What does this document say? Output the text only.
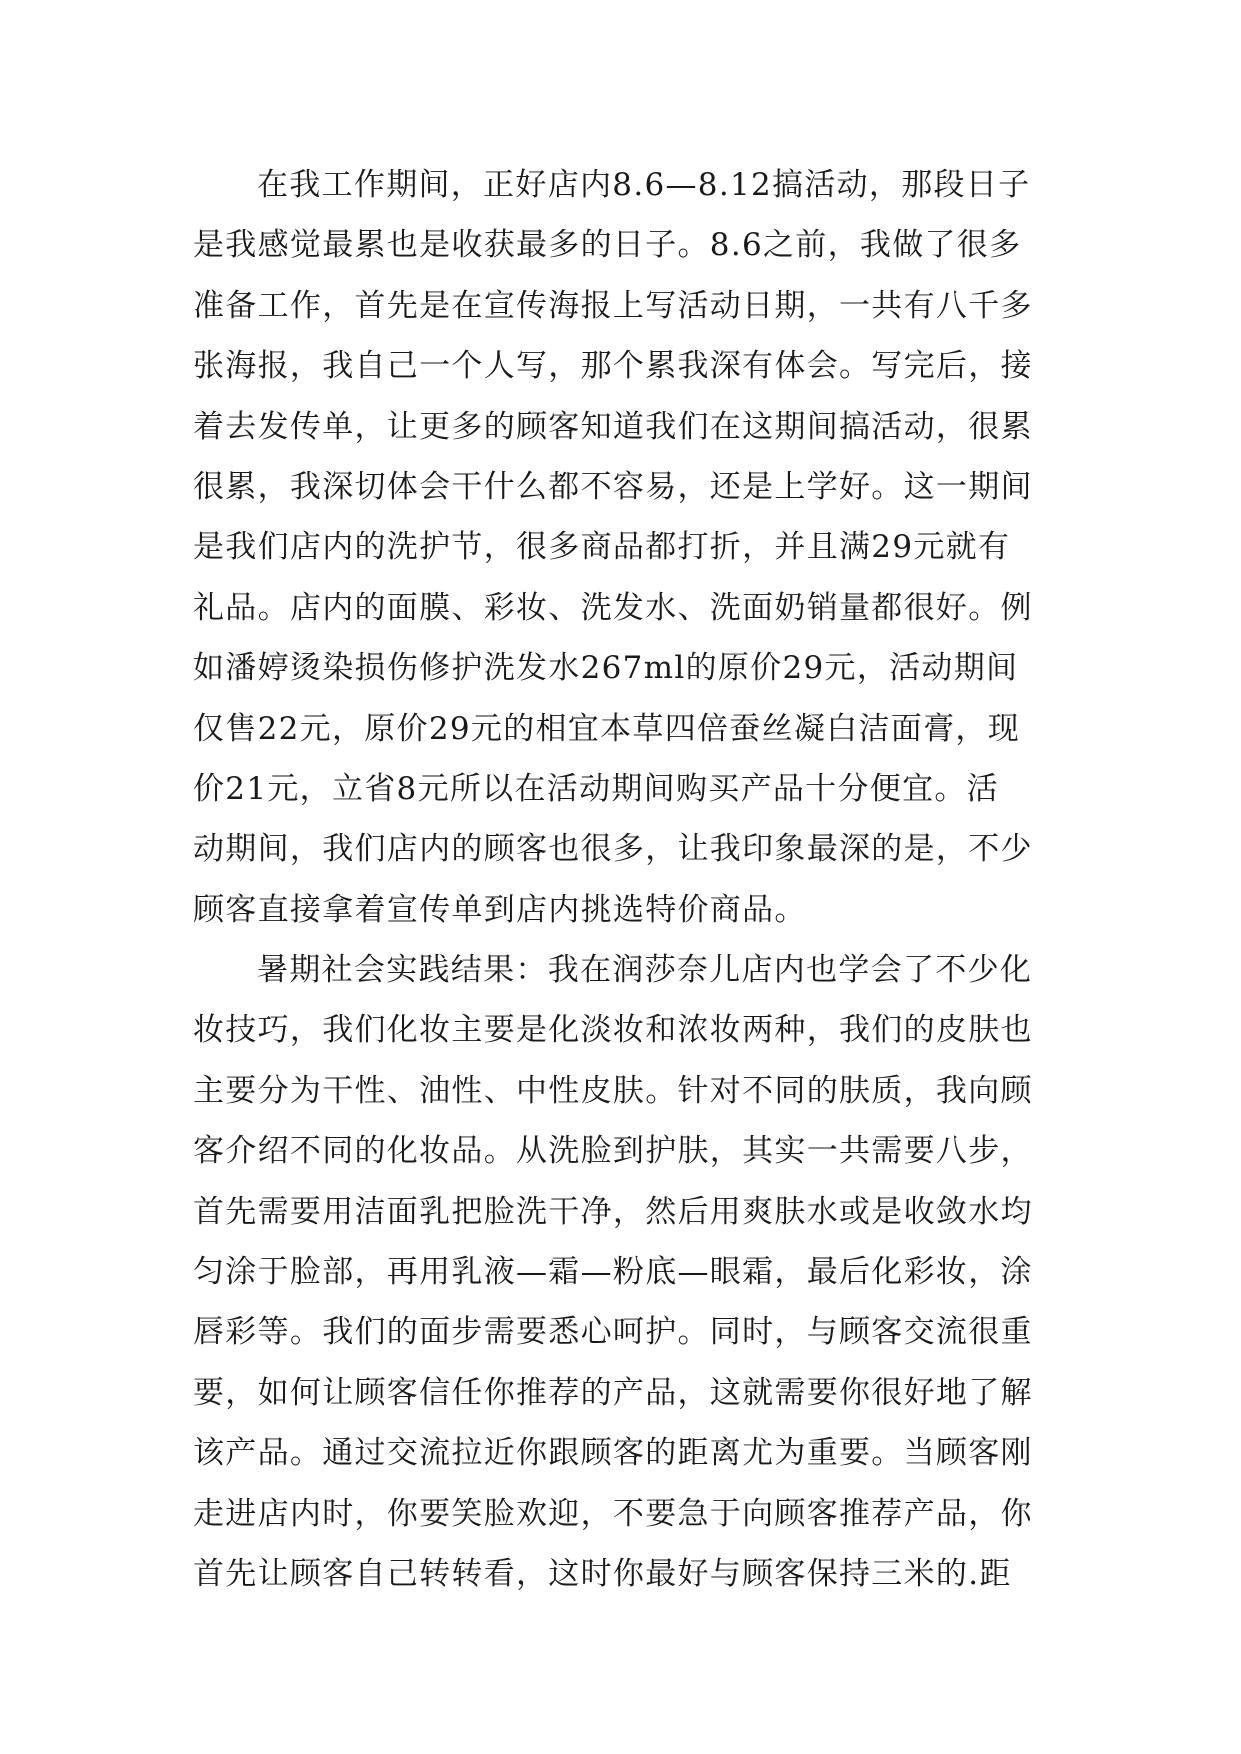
在我工作期间，正好店内8.6—8.12搞活动，那段日子
是我感觉最累也是收获最多的日子。8.6之前，我做了很多
准备工作，首先是在宣传海报上写活动日期，一共有八千多
张海报，我自己一个人写，那个累我深有体会。写完后，接
着去发传单，让更多的顾客知道我们在这期间搞活动，很累
很累，我深切体会干什么都不容易，还是上学好。这一期间
是我们店内的洗护节，很多商品都打折，并且满29元就有
礼品。店内的面膜、彩妆、洗发水、洗面奶销量都很好。例
如潘婷烫染损伤修护洗发水267ml的原价29元，活动期间
仅售22元，原价29元的相宜本草四倍蚕丝凝白洁面膏，现
价21元，立省8元所以在活动期间购买产品十分便宜。活
动期间，我们店内的顾客也很多，让我印象最深的是，不少
顾客直接拿着宣传单到店内挑选特价商品。
暑期社会实践结果：我在润莎奈儿店内也学会了不少化
妆技巧，我们化妆主要是化淡妆和浓妆两种，我们的皮肤也
主要分为干性、油性、中性皮肤。针对不同的肤质，我向顾
客介绍不同的化妆品。从洗脸到护肤，其实一共需要八步，
首先需要用洁面乳把脸洗干净，然后用爽肤水或是收敛水均
匀涂于脸部，再用乳液—霜—粉底—眼霜，最后化彩妆，涂
唇彩等。我们的面步需要悉心呵护。同时，与顾客交流很重
要，如何让顾客信任你推荐的产品，这就需要你很好地了解
该产品。通过交流拉近你跟顾客的距离尤为重要。当顾客刚
走进店内时，你要笑脸欢迎，不要急于向顾客推荐产品，你
首先让顾客自己转转看，这时你最好与顾客保持三米的.距
